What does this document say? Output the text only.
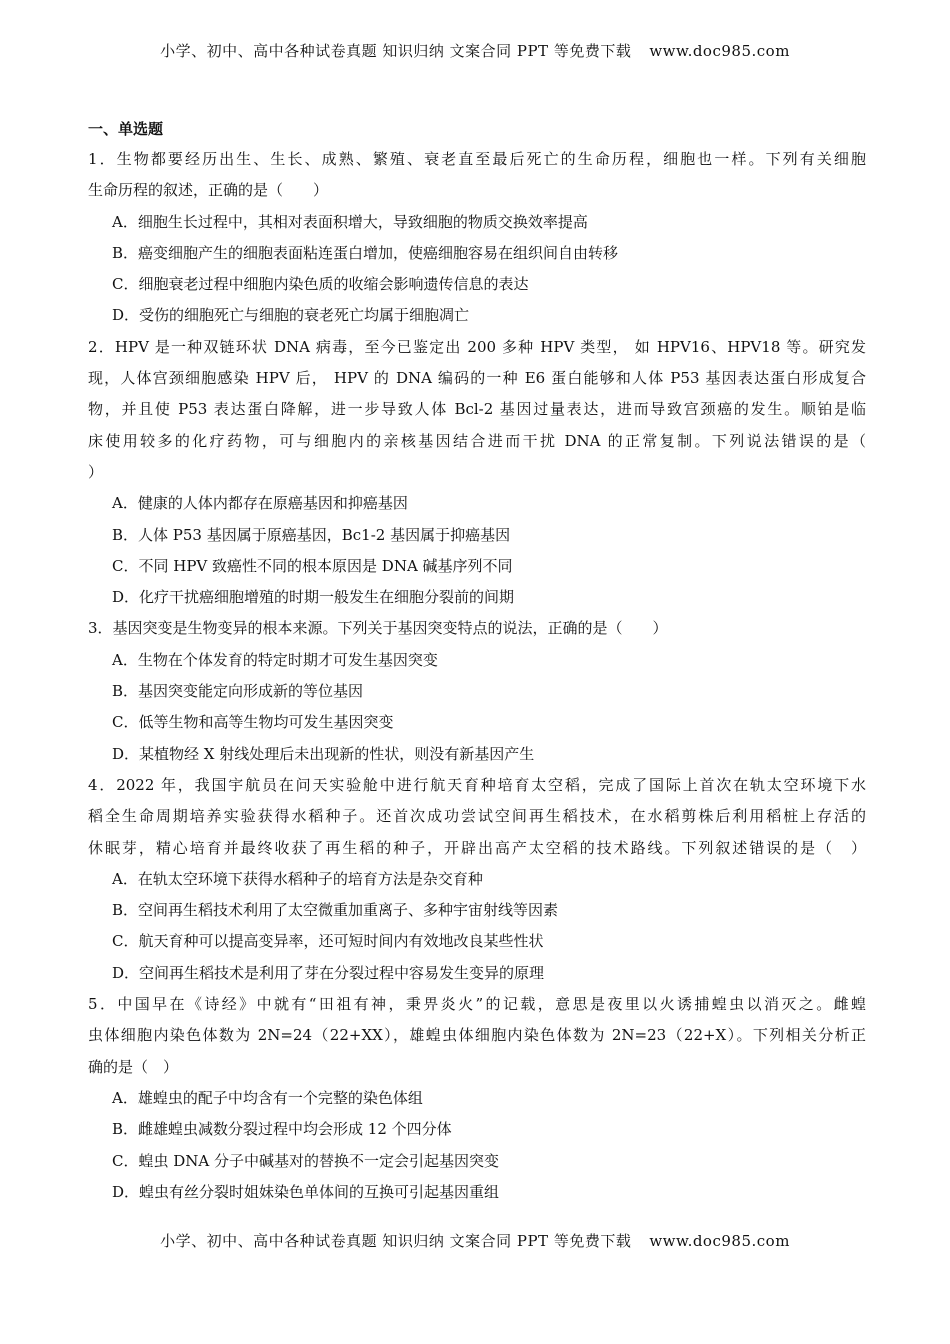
小学、初中、高中各种试卷真题 知识归纳 文案合同 PPT 等免费下载 www.doc985.com
一、单选题
1．生物都要经历出生、生长、成熟、繁殖、衰老直至最后死亡的生命历程，细胞也一样。下列有关细胞
生命历程的叙述，正确的是（　　）
A．细胞生长过程中，其相对表面积增大，导致细胞的物质交换效率提高
B．癌变细胞产生的细胞表面粘连蛋白增加，使癌细胞容易在组织间自由转移
C．细胞衰老过程中细胞内染色质的收缩会影响遗传信息的表达
D．受伤的细胞死亡与细胞的衰老死亡均属于细胞凋亡
2．HPV 是一种双链环状 DNA 病毒，至今已鉴定出 200 多种 HPV 类型， 如 HPV16、HPV18 等。研究发
现，人体宫颈细胞感染 HPV 后， HPV 的 DNA 编码的一种 E6 蛋白能够和人体 P53 基因表达蛋白形成复合
物，并且使 P53 表达蛋白降解，进一步导致人体 Bcl-2 基因过量表达，进而导致宫颈癌的发生。顺铂是临
床使用较多的化疗药物，可与细胞内的亲核基因结合进而干扰 DNA 的正常复制。下列说法错误的是（
）
A．健康的人体内都存在原癌基因和抑癌基因
B．人体 P53 基因属于原癌基因，Bc1-2 基因属于抑癌基因
C．不同 HPV 致癌性不同的根本原因是 DNA 碱基序列不同
D．化疗干扰癌细胞增殖的时期一般发生在细胞分裂前的间期
3．基因突变是生物变异的根本来源。下列关于基因突变特点的说法，正确的是（　　）
A．生物在个体发育的特定时期才可发生基因突变
B．基因突变能定向形成新的等位基因
C．低等生物和高等生物均可发生基因突变
D．某植物经 X 射线处理后未出现新的性状，则没有新基因产生
4．2022 年，我国宇航员在问天实验舱中进行航天育种培育太空稻，完成了国际上首次在轨太空环境下水
稻全生命周期培养实验获得水稻种子。还首次成功尝试空间再生稻技术，在水稻剪株后利用稻桩上存活的
休眠芽，精心培育并最终收获了再生稻的种子，开辟出高产太空稻的技术路线。下列叙述错误的是（　）
A．在轨太空环境下获得水稻种子的培育方法是杂交育种
B．空间再生稻技术利用了太空微重加重离子、多种宇宙射线等因素
C．航天育种可以提高变异率，还可短时间内有效地改良某些性状
D．空间再生稻技术是利用了芽在分裂过程中容易发生变异的原理
5．中国早在《诗经》中就有“田祖有神，秉畀炎火”的记载，意思是夜里以火诱捕蝗虫以消灭之。雌蝗
虫体细胞内染色体数为 2N=24（22+XX），雄蝗虫体细胞内染色体数为 2N=23（22+X）。下列相关分析正
确的是（　）
A．雄蝗虫的配子中均含有一个完整的染色体组
B．雌雄蝗虫减数分裂过程中均会形成 12 个四分体
C．蝗虫 DNA 分子中碱基对的替换不一定会引起基因突变
D．蝗虫有丝分裂时姐妹染色单体间的互换可引起基因重组
小学、初中、高中各种试卷真题 知识归纳 文案合同 PPT 等免费下载 www.doc985.com
